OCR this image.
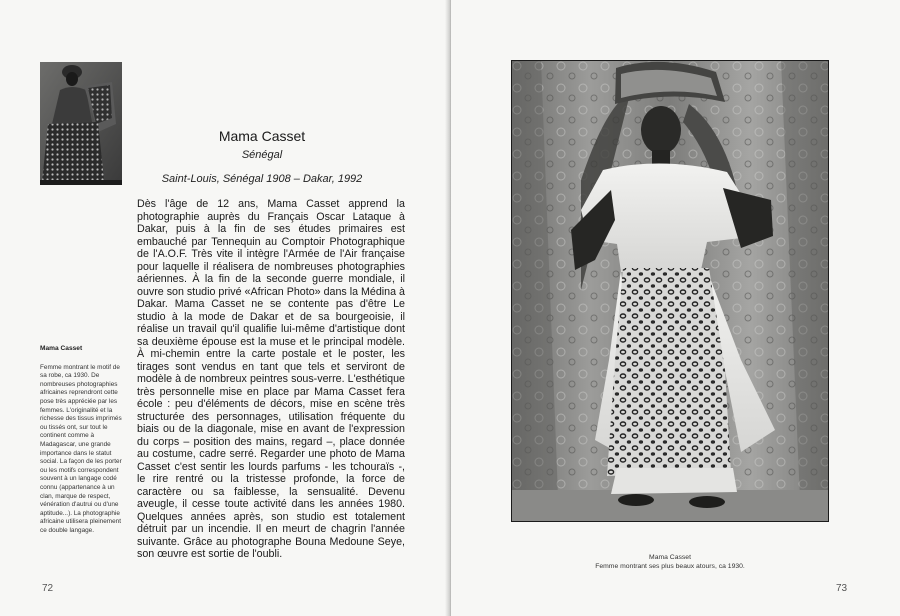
Mama Casset
Femme montrant le motif de sa robe, ca 1930. De nombreuses photographies africaines reprendront cette pose très appréciée par les femmes. L'originalité et la richesse des tissus imprimés ou tissés ont, sur tout le continent comme à Madagascar, une grande importance dans le statut social. La façon de les porter ou les motifs correspondent souvent à un langage codé connu (appartenance à un clan, marque de respect, vénération d'autrui ou d'une aptitude...). La photographie africaine utilisera pleinement ce double langage.
Mama Casset
Sénégal
Saint-Louis, Sénégal 1908 – Dakar, 1992
Dès l'âge de 12 ans, Mama Casset apprend la photographie auprès du Français Oscar Lataque à Dakar, puis à la fin de ses études primaires est embauché par Tennequin au Comptoir Photographique de l'A.O.F. Très vite il intègre l'Armée de l'Air française pour laquelle il réalisera de nombreuses photographies aériennes. À la fin de la seconde guerre mondiale, il ouvre son studio privé «African Photo» dans la Médina à Dakar. Mama Casset ne se contente pas d'être Le studio à la mode de Dakar et de sa bourgeoisie, il réalise un travail qu'il qualifie lui-même d'artistique dont sa deuxième épouse est la muse et le principal modèle. À mi-chemin entre la carte postale et le poster, les tirages sont vendus en tant que tels et serviront de modèle à de nombreux peintres sous-verre. L'esthétique très personnelle mise en place par Mama Casset fera école : peu d'éléments de décors, mise en scène très structurée des personnages, utilisation fréquente du biais ou de la diagonale, mise en avant de l'expression du corps – position des mains, regard –, place donnée au costume, cadre serré. Regarder une photo de Mama Casset c'est sentir les lourds parfums - les tchouraïs -, le rire rentré ou la tristesse profonde, la force de caractère ou sa faiblesse, la sensualité. Devenu aveugle, il cesse toute activité dans les années 1980. Quelques années après, son studio est totalement détruit par un incendie. Il en meurt de chagrin l'année suivante. Grâce au photographe Bouna Medoune Seye, son œuvre est sortie de l'oubli.
72
Mama Casset
Femme montrant ses plus beaux atours, ca 1930.
73
